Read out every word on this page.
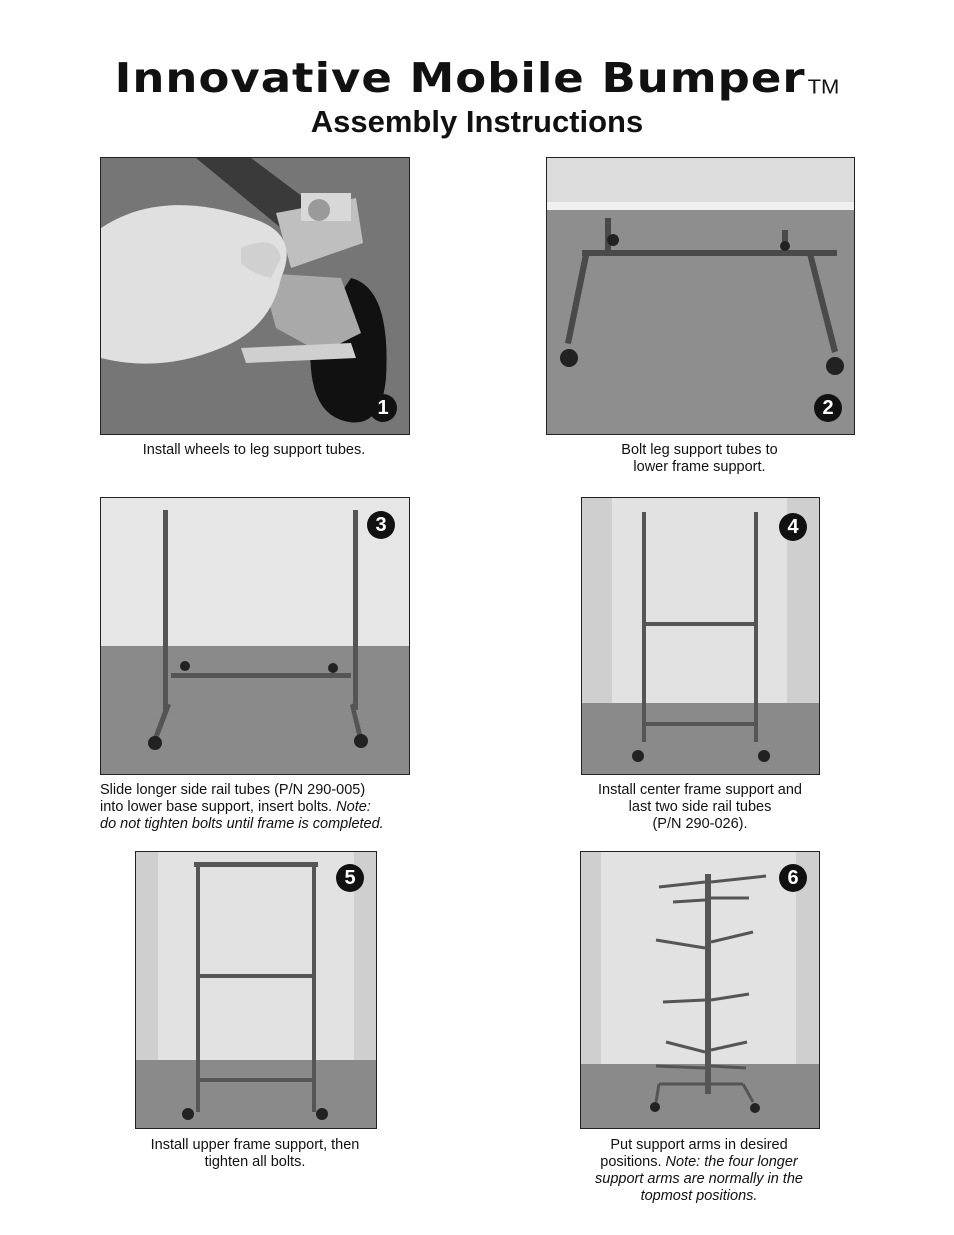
Innovative Mobile Bumper™
Assembly Instructions
1
Install wheels to leg support tubes.
2
Bolt leg support tubes to
lower frame support.
3
Slide longer side rail tubes (P/N 290-005)
into lower base support, insert bolts. Note:
do not tighten bolts until frame is completed.
4
Install center frame support and
last two side rail tubes
(P/N 290-026).
5
Install upper frame support, then
tighten all bolts.
6
Put support arms in desired
positions. Note: the four longer
support arms are normally in the
topmost positions.
